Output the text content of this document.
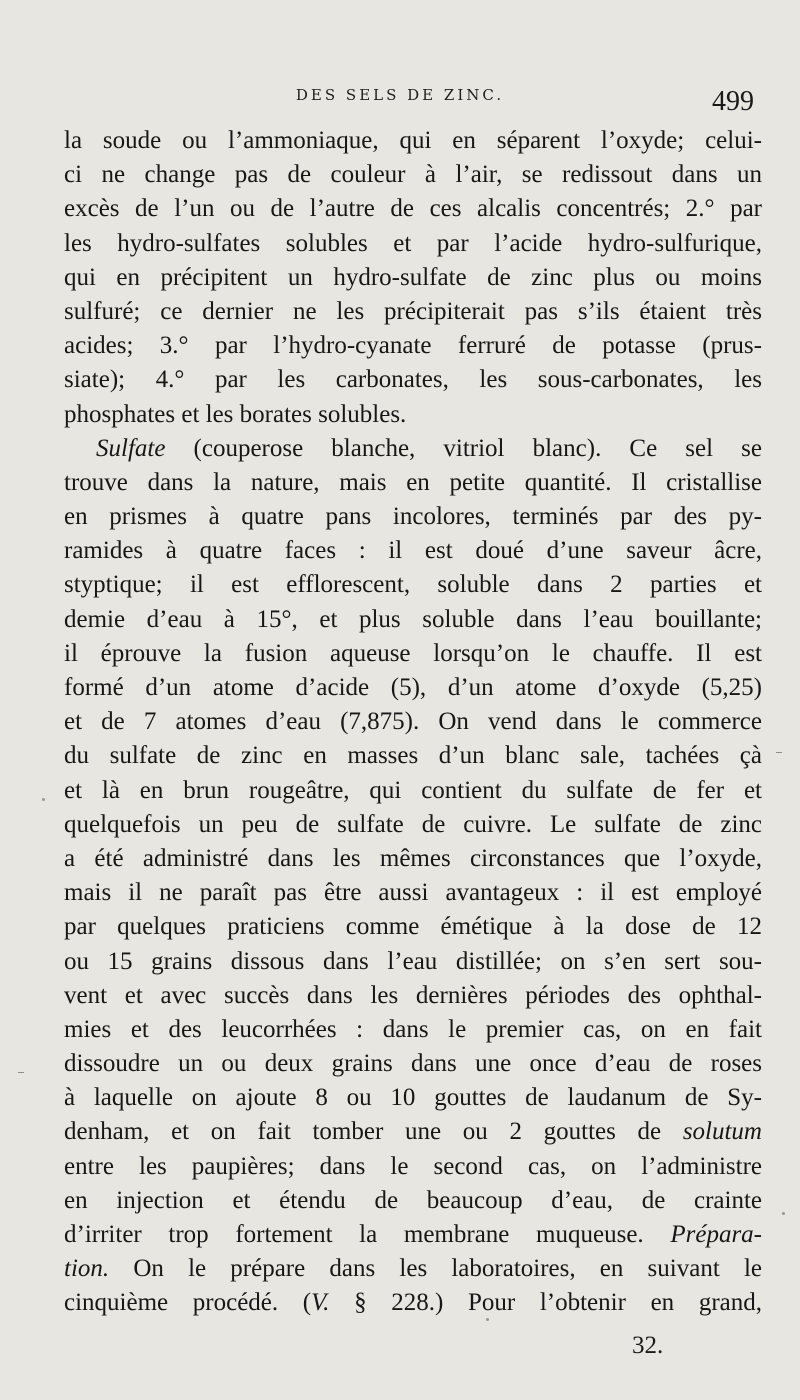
DES SELS DE ZINC.	499
la soude ou l’ammoniaque, qui en séparent l’oxyde; celui-
ci ne change pas de couleur à l’air, se redissout dans un
excès de l’un ou de l’autre de ces alcalis concentrés; 2.° par
les hydro-sulfates solubles et par l’acide hydro-sulfurique,
qui en précipitent un hydro-sulfate de zinc plus ou moins
sulfuré; ce dernier ne les précipiterait pas s’ils étaient très
acides; 3.° par l’hydro-cyanate ferruré de potasse (prus-
siate); 4.° par les carbonates, les sous-carbonates, les
phosphates et les borates solubles.
Sulfate (couperose blanche, vitriol blanc). Ce sel se
trouve dans la nature, mais en petite quantité. Il cristallise
en prismes à quatre pans incolores, terminés par des py-
ramides à quatre faces : il est doué d’une saveur âcre,
styptique; il est efflorescent, soluble dans 2 parties et
demie d’eau à 15°, et plus soluble dans l’eau bouillante;
il éprouve la fusion aqueuse lorsqu’on le chauffe. Il est
formé d’un atome d’acide (5), d’un atome d’oxyde (5,25)
et de 7 atomes d’eau (7,875). On vend dans le commerce
du sulfate de zinc en masses d’un blanc sale, tachées çà
et là en brun rougeâtre, qui contient du sulfate de fer et
quelquefois un peu de sulfate de cuivre. Le sulfate de zinc
a été administré dans les mêmes circonstances que l’oxyde,
mais il ne paraît pas être aussi avantageux : il est employé
par quelques praticiens comme émétique à la dose de 12
ou 15 grains dissous dans l’eau distillée; on s’en sert sou-
vent et avec succès dans les dernières périodes des ophthal-
mies et des leucorrhées : dans le premier cas, on en fait
dissoudre un ou deux grains dans une once d’eau de roses
à laquelle on ajoute 8 ou 10 gouttes de laudanum de Sy-
denham, et on fait tomber une ou 2 gouttes de solutum
entre les paupières; dans le second cas, on l’administre
en injection et étendu de beaucoup d’eau, de crainte
d’irriter trop fortement la membrane muqueuse. Prépara-
tion. On le prépare dans les laboratoires, en suivant le
cinquième procédé. (V. § 228.) Pour l’obtenir en grand,
32.
